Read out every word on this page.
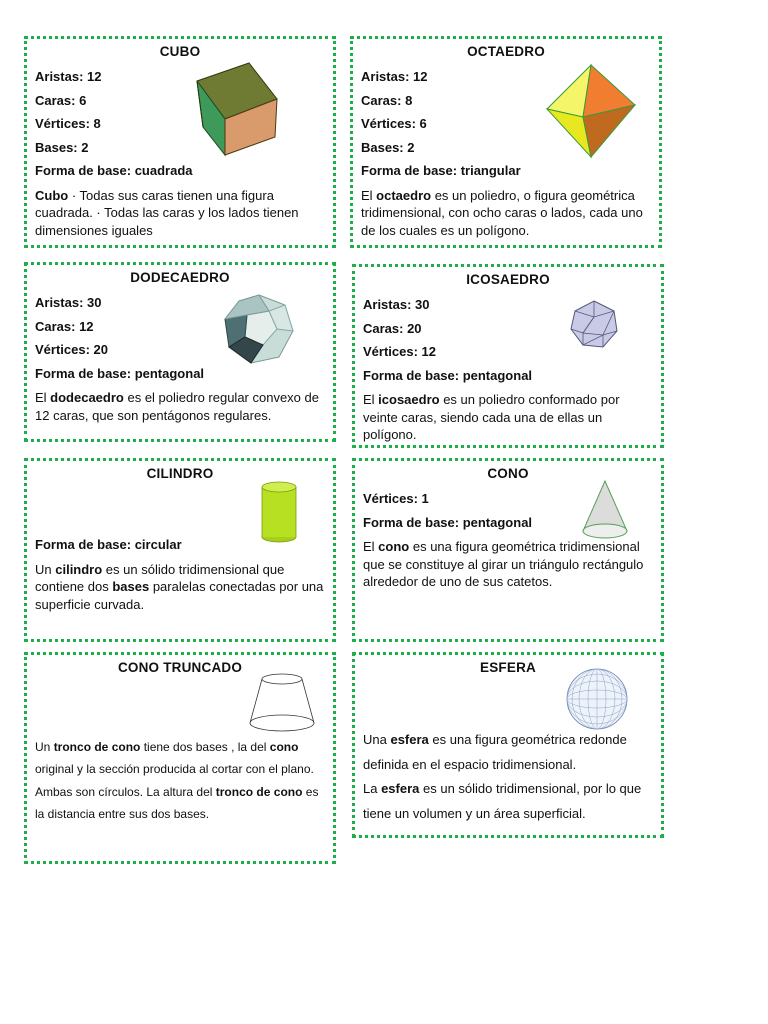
CUBO
Aristas: 12
Caras: 6
Vértices: 8
Bases: 2
Forma de base: cuadrada
Cubo · Todas sus caras tienen una figura cuadrada. · Todas las caras y los lados tienen dimensiones iguales
OCTAEDRO
Aristas: 12
Caras: 8
Vértices: 6
Bases: 2
Forma de base: triangular
El octaedro es un poliedro, o figura geométrica tridimensional, con ocho caras o lados, cada uno de los cuales es un polígono.
DODECAEDRO
Aristas: 30
Caras: 12
Vértices: 20
Forma de base: pentagonal
El dodecaedro es el poliedro regular convexo de 12 caras, que son pentágonos regulares.
ICOSAEDRO
Aristas: 30
Caras: 20
Vértices: 12
Forma de base: pentagonal
El icosaedro es un poliedro conformado por veinte caras, siendo cada una de ellas un polígono.
CILINDRO
Forma de base: circular
Un cilindro es un sólido tridimensional que contiene dos bases paralelas conectadas por una superficie curvada.
CONO
Vértices: 1
Forma de base: pentagonal
El cono es una figura geométrica tridimensional que se constituye al girar un triángulo rectángulo alrededor de uno de sus catetos.
CONO TRUNCADO
Un tronco de cono tiene dos bases , la del cono original y la sección producida al cortar con el plano. Ambas son círculos. La altura del tronco de cono es la distancia entre sus dos bases.
ESFERA
Una esfera es una figura geométrica redonde definida en el espacio tridimensional.
La esfera es un sólido tridimensional, por lo que tiene un volumen y un área superficial.
